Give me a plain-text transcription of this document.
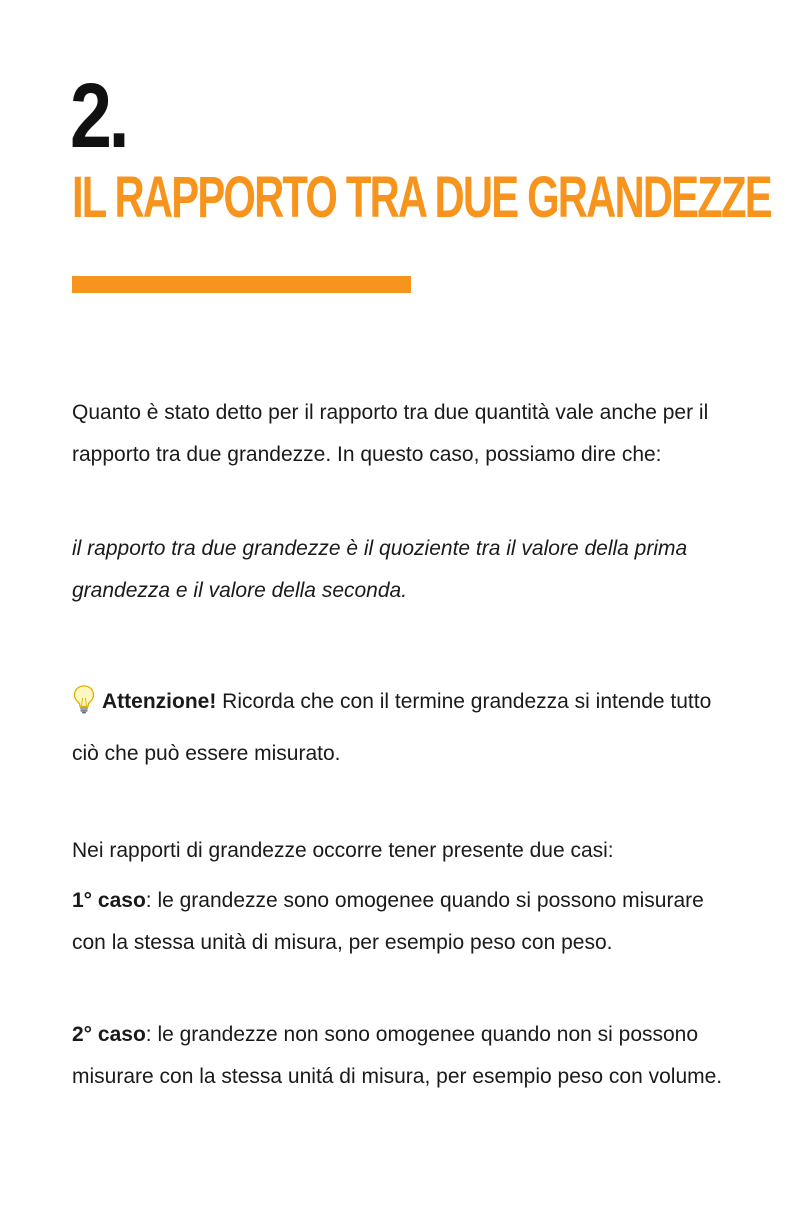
2.
IL RAPPORTO TRA DUE GRANDEZZE

Quanto è stato detto per il rapporto tra due quantità vale anche per il rapporto tra due grandezze. In questo caso, possiamo dire che:

il rapporto tra due grandezze è il quoziente tra il valore della prima grandezza e il valore della seconda.

Attenzione! Ricorda che con il termine grandezza si intende tutto ciò che può essere misurato.

Nei rapporti di grandezze occorre tener presente due casi:

1° caso: le grandezze sono omogenee quando si possono misurare con la stessa unità di misura, per esempio peso con peso.

2° caso: le grandezze non sono omogenee quando non si possono misurare con la stessa unitá di misura, per esempio peso con volume.
